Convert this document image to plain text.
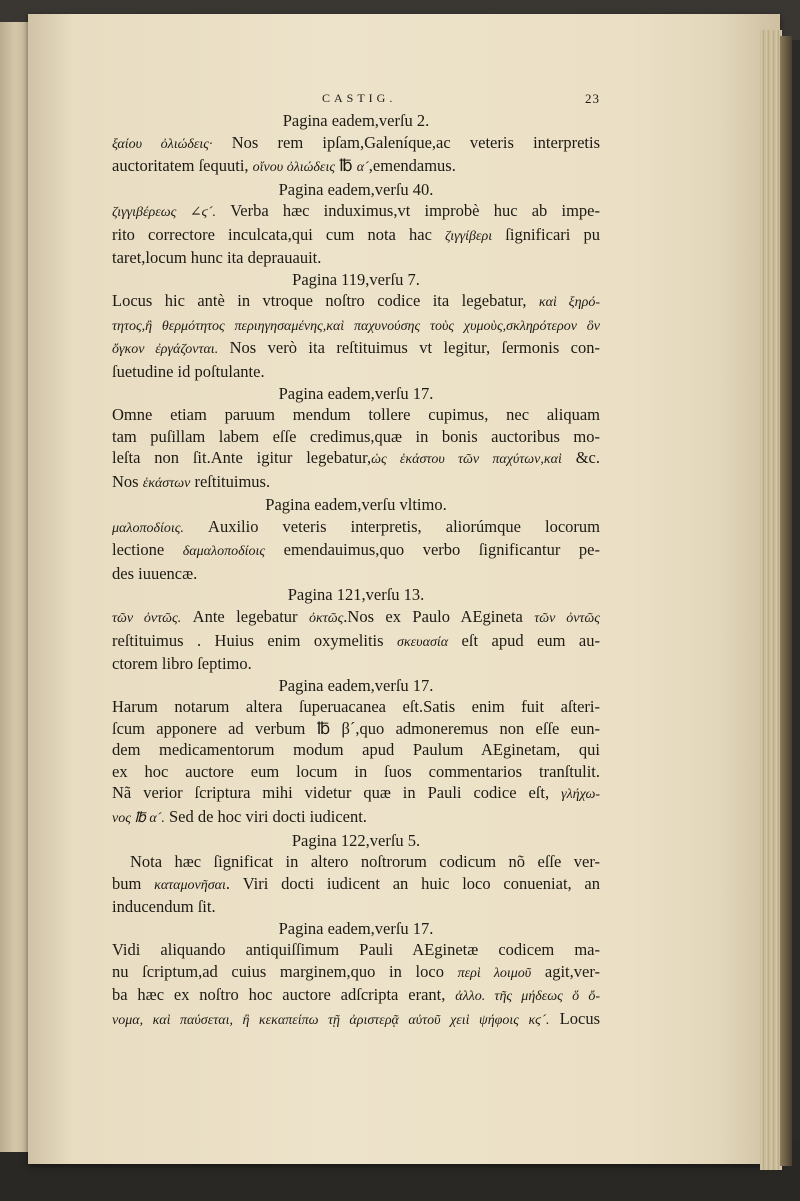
CASTIG.	23
Pagina eadem,verſu 2.
ξαίου ὀλιώδεις· Nos rem ipſam,Galeníque,ac veteris interpretis
auctoritatem ſequuti, οἴνου ὀλιώδεις ℔ α´,emendamus.
Pagina eadem,verſu 40.
ζιγγιβέρεως ∠ϛ´. Verba hæc induximus,vt improbè huc ab impe-
rito correctore inculcata,qui cum nota hac ζιγγίβερι ſignificari pu
taret,locum hunc ita deprauauit.
Pagina 119,verſu 7.
Locus hic antè in vtroque noſtro codice ita legebatur, καὶ ξηρό-
τητος,ἢ θερμότητος περιηγησαμένης,καὶ παχυνούσης τοὺς χυμοὺς,σκληρότερον ὃν
ὄγκον ἐργάζονται. Nos verò ita reſtituimus vt legitur, ſermonis con-
ſuetudine id poſtulante.
Pagina eadem,verſu 17.
Omne etiam paruum mendum tollere cupimus, nec aliquam
tam puſillam labem eſſe credimus,quæ in bonis auctoribus mo-
leſta non ſit.Ante igitur legebatur,ὡς ἑκάστου τῶν παχύτων,καὶ &c.
Nos ἑκάστων reſtituimus.
Pagina eadem,verſu vltimo.
μαλοποδίοις. Auxilio veteris interpretis, aliorúmque locorum
lectione δαμαλοποδίοις emendauimus,quo verbo ſignificantur pe-
des iuuencæ.
Pagina 121,verſu 13.
τῶν ὀντῶς. Ante legebatur ὀκτῶς.Nos ex Paulo AEgineta τῶν ὀντῶς
reſtituimus . Huius enim oxymelitis σκευασία eſt apud eum au-
ctorem libro ſeptimo.
Pagina eadem,verſu 17.
Harum notarum altera ſuperuacanea eſt.Satis enim fuit aſteri-
ſcum apponere ad verbum ℔ β´,quo admoneremus non eſſe eun-
dem medicamentorum modum apud Paulum AEginetam, qui
ex hoc auctore eum locum in ſuos commentarios tranſtulit.
Nã verior ſcriptura mihi videtur quæ in Pauli codice eſt, γλήχω-
νος ℔ α´. Sed de hoc viri docti iudicent.
Pagina 122,verſu 5.
Nota hæc ſignificat in altero noſtrorum codicum nõ eſſe ver-
bum καταμονῆσαι. Viri docti iudicent an huic loco conueniat, an
inducendum ſit.
Pagina eadem,verſu 17.
Vidi aliquando antiquiſſimum Pauli AEginetæ codicem ma-
nu ſcriptum,ad cuius marginem,quo in loco περὶ λοιμοῦ agit,ver-
ba hæc ex noſtro hoc auctore adſcripta erant, ἀλλο. τῆς μήδεως ὅ ὄ-
νομα, καὶ παύσεται, ἢ κεκαπείπω τῇ ἀριστερᾷ αὐτοῦ χειὶ ψήφοις κϛ´. Locus
